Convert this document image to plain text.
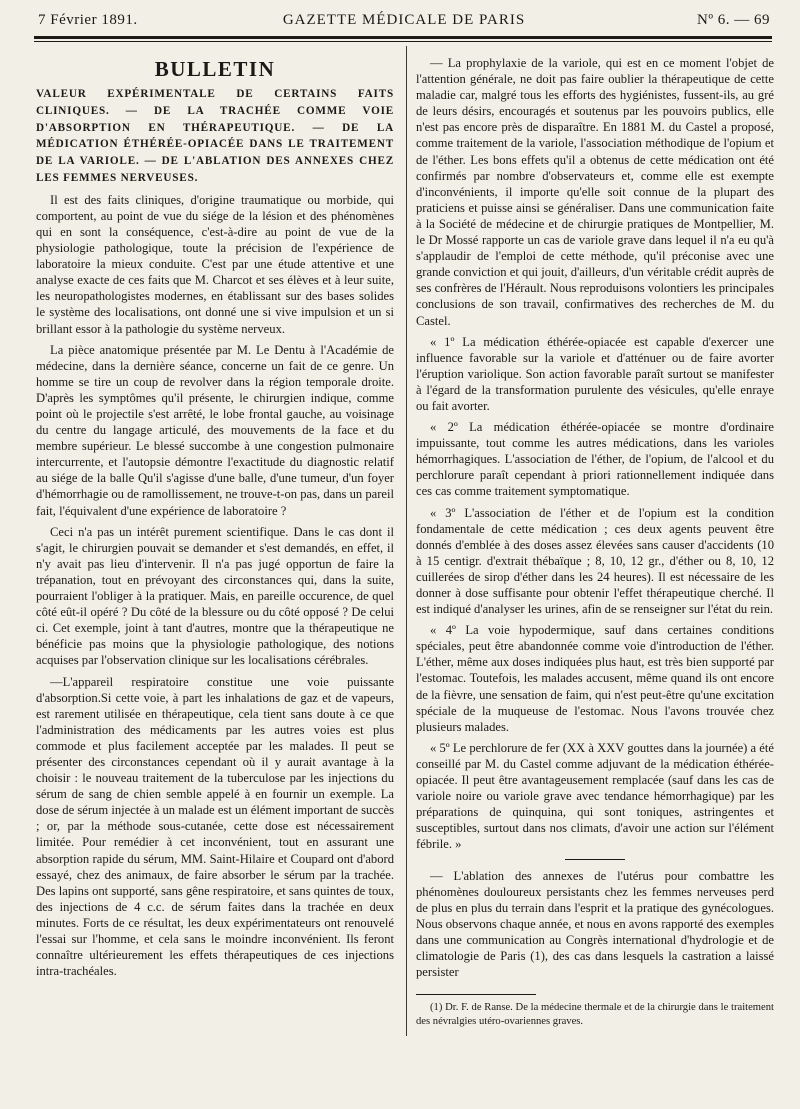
7 Février 1891.	GAZETTE MÉDICALE DE PARIS	Nº 6. — 69
BULLETIN
VALEUR EXPÉRIMENTALE DE CERTAINS FAITS CLINIQUES. — DE LA TRACHÉE COMME VOIE D'ABSORPTION EN THÉRAPEUTIQUE. — DE LA MÉDICATION ÉTHÉRÉE-OPIACÉE DANS LE TRAITEMENT DE LA VARIOLE. — DE L'ABLATION DES ANNEXES CHEZ LES FEMMES NERVEUSES.

Il est des faits cliniques, d'origine traumatique ou morbide, qui comportent, au point de vue du siége de la lésion et des phénomènes qui en sont la conséquence, c'est-à-dire au point de vue de la physiologie pathologique, toute la précision de l'expérience de laboratoire la mieux conduite. C'est par une étude attentive et une analyse exacte de ces faits que M. Charcot et ses élèves et à leur suite, les neuropathologistes modernes, en établissant sur des bases solides le système des localisations, ont donné une si vive impulsion et un si brillant essor à la pathologie du système nerveux.

La pièce anatomique présentée par M. Le Dentu à l'Académie de médecine, dans la dernière séance, concerne un fait de ce genre. Un homme se tire un coup de revolver dans la région temporale droite. D'après les symptômes qu'il présente, le chirurgien indique, comme point où le projectile s'est arrêté, le lobe frontal gauche, au voisinage du centre du langage articulé, des mouvements de la face et du membre supérieur. Le blessé succombe à une congestion pulmonaire intercurrente, et l'autopsie démontre l'exactitude du diagnostic relatif au siége de la balle Qu'il s'agisse d'une balle, d'une tumeur, d'un foyer d'hémorrhagie ou de ramollissement, ne trouve-t-on pas, dans un pareil fait, l'équivalent d'une expérience de laboratoire ?

Ceci n'a pas un intérêt purement scientifique. Dans le cas dont il s'agit, le chirurgien pouvait se demander et s'est demandés, en effet, il n'y avait pas lieu d'intervenir. Il n'a pas jugé opportun de faire la trépanation, tout en prévoyant des circonstances qui, dans la suite, pourraient l'obliger à la pratiquer. Mais, en pareille occurence, de quel côté eût-il opéré ? Du côté de la blessure ou du côté opposé ? De celui ci. Cet exemple, joint à tant d'autres, montre que la thérapeutique ne bénéficie pas moins que la physiologie pathologique, des notions acquises par l'observation clinique sur les localisations cérébrales.

—L'appareil respiratoire constitue une voie puissante d'absorption.Si cette voie, à part les inhalations de gaz et de vapeurs, est rarement utilisée en thérapeutique, cela tient sans doute à ce que l'administration des médicaments par les autres voies est plus commode et plus facilement acceptée par les malades. Il peut se présenter des circonstances cependant où il y aurait avantage à la choisir : le nouveau traitement de la tuberculose par les injections du sérum de sang de chien semble appelé à en fournir un exemple. La dose de sérum injectée à un malade est un élément important de succès ; or, par la méthode sous-cutanée, cette dose est nécessairement limitée. Pour remédier à cet inconvénient, tout en assurant une absorption rapide du sérum, MM. Saint-Hilaire et Coupard ont d'abord essayé, chez des animaux, de faire absorber le sérum par la trachée. Des lapins ont supporté, sans gêne respiratoire, et sans quintes de toux, des injections de 4 c.c. de sérum faites dans la trachée en deux minutes. Forts de ce résultat, les deux expérimentateurs ont renouvelé l'essai sur l'homme, et cela sans le moindre inconvénient. Ils feront connaître ultérieurement les effets thérapeutiques de ces injections intra-trachéales.

— La prophylaxie de la variole, qui est en ce moment l'objet de l'attention générale, ne doit pas faire oublier la thérapeutique de cette maladie car, malgré tous les efforts des hygiénistes, fussent-ils, au gré de leurs désirs, encouragés et soutenus par les pouvoirs publics, elle n'est pas encore près de disparaître. En 1881 M. du Castel a proposé, comme traitement de la variole, l'association méthodique de l'opium et de l'éther. Les bons effets qu'il a obtenus de cette médication ont été confirmés par nombre d'observateurs et, comme elle est exempte d'inconvénients, il importe qu'elle soit connue de la plupart des praticiens et puisse ainsi se généraliser. Dans une communication faite à la Société de médecine et de chirurgie pratiques de Montpellier, M. le Dr Mossé rapporte un cas de variole grave dans lequel il n'a eu qu'à s'applaudir de l'emploi de cette méthode, qu'il préconise avec une grande conviction et qui jouit, d'ailleurs, d'un véritable crédit auprès de ses confrères de l'Hérault. Nous reproduisons volontiers les principales conclusions de son travail, confirmatives des recherches de M. du Castel.

« 1º La médication éthérée-opiacée est capable d'exercer une influence favorable sur la variole et d'atténuer ou de faire avorter l'éruption variolique. Son action favorable paraît surtout se manifester à l'égard de la transformation purulente des vésicules, qu'elle enraye ou fait avorter.

« 2º La médication éthérée-opiacée se montre d'ordinaire impuissante, tout comme les autres médications, dans les varioles hémorrhagiques. L'association de l'éther, de l'opium, de l'alcool et du perchlorure paraît cependant à priori rationnellement indiquée dans ces cas comme traitement symptomatique.

« 3º L'association de l'éther et de l'opium est la condition fondamentale de cette médication ; ces deux agents peuvent être donnés d'emblée à des doses assez élevées sans causer d'accidents (10 à 15 centigr. d'extrait thébaïque ; 8, 10, 12 gr., d'éther ou 8, 10, 12 cuillerées de sirop d'éther dans les 24 heures). Il est nécessaire de les donner à dose suffisante pour obtenir l'effet thérapeutique cherché. Il est indiqué d'analyser les urines, afin de se renseigner sur l'état du rein.

« 4º La voie hypodermique, sauf dans certaines conditions spéciales, peut être abandonnée comme voie d'introduction de l'éther. L'éther, même aux doses indiquées plus haut, est très bien supporté par l'estomac. Toutefois, les malades accusent, même quand ils ont encore de la fièvre, une sensation de faim, qui n'est peut-être qu'une excitation spéciale de la muqueuse de l'estomac. Nous l'avons trouvée chez plusieurs malades.

« 5º Le perchlorure de fer (XX à XXV gouttes dans la journée) a été conseillé par M. du Castel comme adjuvant de la médication éthérée-opiacée. Il peut être avantageusement remplacée (sauf dans les cas de variole noire ou variole grave avec tendance hémorrhagique) par les préparations de quinquina, qui sont toniques, astringentes et susceptibles, surtout dans nos climats, d'avoir une action sur l'élément fébrile. »

— L'ablation des annexes de l'utérus pour combattre les phénomènes douloureux persistants chez les femmes nerveuses perd de plus en plus du terrain dans l'esprit et la pratique des gynécologues. Nous observons chaque année, et nous en avons rapporté des exemples dans une communication au Congrès international d'hydrologie et de climatologie de Paris (1), des cas dans lesquels la castration a laissé persister

(1) Dr. F. de Ranse. De la médecine thermale et de la chirurgie dans le traitement des névralgies utéro-ovariennes graves.
